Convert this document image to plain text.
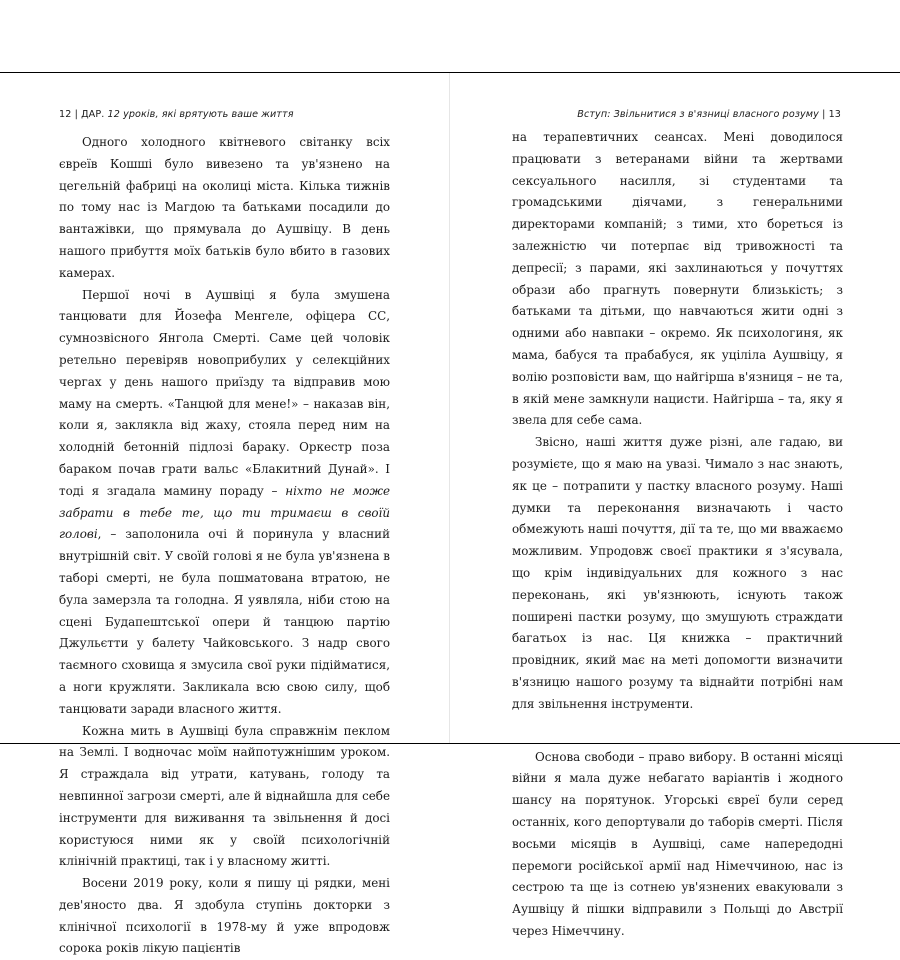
12 | ДАР. 12 уроків, які врятують ваше життя	Вступ: Звільнитися з в'язниці власного розуму | 13

Одного холодного квітневого світанку всіх євреїв Кошші було вивезено та ув'язнено на цегельній фабриці на околиці міста. Кілька тижнів по тому нас із Магдою та батьками посадили до вантажівки, що прямувала до Аушвіцу. В день нашого прибуття моїх батьків було вбито в газових камерах.

Першої ночі в Аушвіці я була змушена танцювати для Йозефа Менгеле, офіцера СС, сумнозвісного Янгола Смерті. Саме цей чоловік ретельно перевіряв новоприбулих у селекційних чергах у день нашого приїзду та відправив мою маму на смерть. «Танцюй для мене!» – наказав він, коли я, заклякла від жаху, стояла перед ним на холодній бетонній підлозі бараку. Оркестр поза бараком почав грати вальс «Блакитний Дунай». І тоді я згадала мамину пораду – ніхто не може забрати в тебе те, що ти тримаєш в своїй голові, – заполонила очі й поринула у власний внутрішній світ. У своїй голові я не була ув'язнена в таборі смерті, не була пошматована втратою, не була замерзла та голодна. Я уявляла, ніби стою на сцені Будапештської опери й танцюю партію Джульєтти у балету Чайковського. З надр свого таємного сховища я змусила свої руки підійматися, а ноги кружляти. Закликала всю свою силу, щоб танцювати заради власного життя.

Кожна мить в Аушвіці була справжнім пеклом на Землі. І водночас моїм найпотужнішим уроком. Я страждала від утрати, катувань, голоду та невпинної загрози смерті, але й віднайшла для себе інструменти для виживання та звільнення й досі користуюся ними як у своїй психологічній клінічній практиці, так і у власному житті.

Восени 2019 року, коли я пишу ці рядки, мені дев'яносто два. Я здобула ступінь докторки з клінічної психології в 1978-му й уже впродовж сорока років лікую пацієнтів

на терапевтичних сеансах. Мені доводилося працювати з ветеранами війни та жертвами сексуального насилля, зі студентами та громадськими діячами, з генеральними директорами компаній; з тими, хто бореться із залежністю чи потерпає від тривожності та депресії; з парами, які захлинаються у почуттях образи або прагнуть повернути близькість; з батьками та дітьми, що навчаються жити одні з одними або навпаки – окремо. Як психологиня, як мама, бабуся та прабабуся, як уціліла Аушвіцу, я волію розповісти вам, що найгірша в'язниця – не та, в якій мене замкнули нацисти. Найгірша – та, яку я звела для себе сама.

Звісно, наші життя дуже різні, але гадаю, ви розумієте, що я маю на увазі. Чимало з нас знають, як це – потрапити у пастку власного розуму. Наші думки та переконання визначають і часто обмежують наші почуття, дії та те, що ми вважаємо можливим. Упродовж своєї практики я з'ясувала, що крім індивідуальних для кожного з нас переконань, які ув'язнюють, існують також поширені пастки розуму, що змушують страждати багатьох із нас. Ця книжка – практичний провідник, який має на меті допомогти визначити в'язницю нашого розуму та віднайти потрібні нам для звільнення інструменти.

Основа свободи – право вибору. В останні місяці війни я мала дуже небагато варіантів і жодного шансу на порятунок. Угорські євреї були серед останніх, кого депортували до таборів смерті. Після восьми місяців в Аушвіці, саме напередодні перемоги російської армії над Німеччиною, нас із сестрою та ще із сотнею ув'язнених евакуювали з Аушвіцу й пішки відправили з Польщі до Австрії через Німеччину.
